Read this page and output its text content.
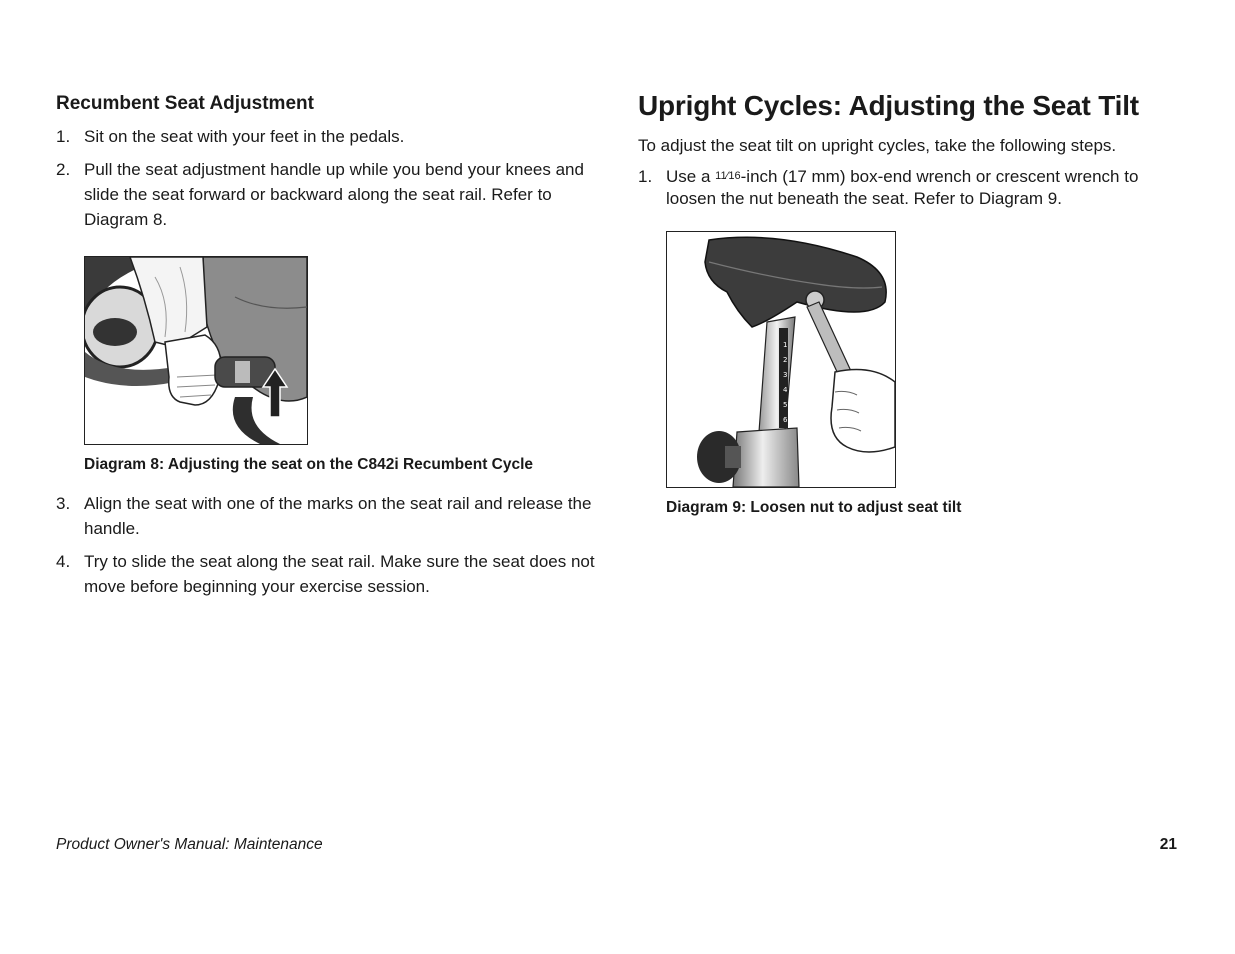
Recumbent Seat Adjustment
1. Sit on the seat with your feet in the pedals.
2. Pull the seat adjustment handle up while you bend your knees and slide the seat forward or backward along the seat rail. Refer to Diagram 8.
Diagram 8: Adjusting the seat on the C842i Recumbent Cycle
3. Align the seat with one of the marks on the seat rail and release the handle.
4. Try to slide the seat along the seat rail. Make sure the seat does not move before beginning your exercise session.
Upright Cycles: Adjusting the Seat Tilt

To adjust the seat tilt on upright cycles, take the following steps.

1. Use a $^{11⁄16}$-inch (17 mm) box-end wrench or crescent wrench to loosen the nut beneath the seat. Refer to Diagram 9.
1
2
3
4
5
6
Diagram 9: Loosen nut to adjust seat tilt
Product Owner's Manual: Maintenance	21
